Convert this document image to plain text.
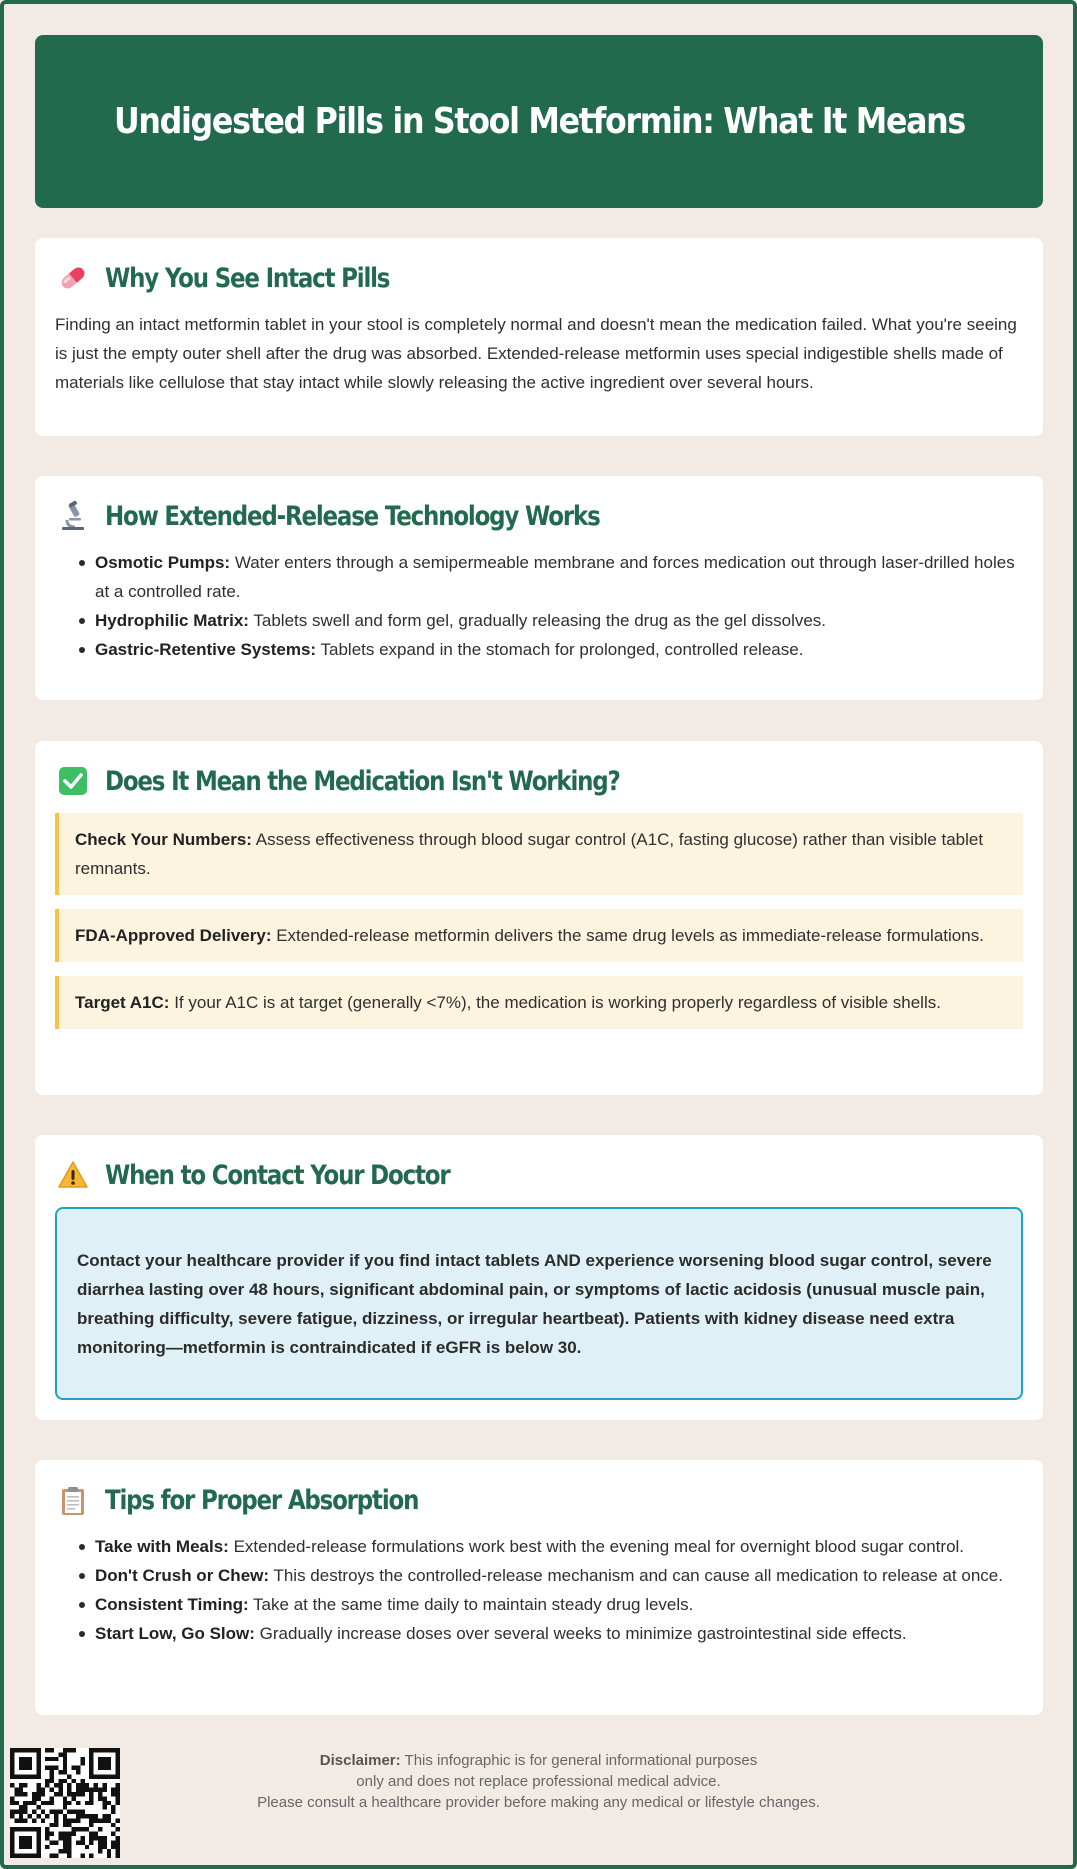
Undigested Pills in Stool Metformin: What It Means
Why You See Intact Pills

Finding an intact metformin tablet in your stool is completely normal and doesn't mean the medication failed. What you're seeing is just the empty outer shell after the drug was absorbed. Extended-release metformin uses special indigestible shells made of materials like cellulose that stay intact while slowly releasing the active ingredient over several hours.

How Extended-Release Technology Works
Osmotic Pumps: Water enters through a semipermeable membrane and forces medication out through laser-drilled holes at a controlled rate.
Hydrophilic Matrix: Tablets swell and form gel, gradually releasing the drug as the gel dissolves.
Gastric-Retentive Systems: Tablets expand in the stomach for prolonged, controlled release.
Does It Mean the Medication Isn't Working?
Check Your Numbers: Assess effectiveness through blood sugar control (A1C, fasting glucose) rather than visible tablet remnants.
FDA-Approved Delivery: Extended-release metformin delivers the same drug levels as immediate-release formulations.
Target A1C: If your A1C is at target (generally <7%), the medication is working properly regardless of visible shells.
When to Contact Your Doctor
Contact your healthcare provider if you find intact tablets AND experience worsening blood sugar control, severe diarrhea lasting over 48 hours, significant abdominal pain, or symptoms of lactic acidosis (unusual muscle pain, breathing difficulty, severe fatigue, dizziness, or irregular heartbeat). Patients with kidney disease need extra monitoring—metformin is contraindicated if eGFR is below 30.
Tips for Proper Absorption
Take with Meals: Extended-release formulations work best with the evening meal for overnight blood sugar control.
Don't Crush or Chew: This destroys the controlled-release mechanism and can cause all medication to release at once.
Consistent Timing: Take at the same time daily to maintain steady drug levels.
Start Low, Go Slow: Gradually increase doses over several weeks to minimize gastrointestinal side effects.
Disclaimer: This infographic is for general informational purposes
only and does not replace professional medical advice.
Please consult a healthcare provider before making any medical or lifestyle changes.
